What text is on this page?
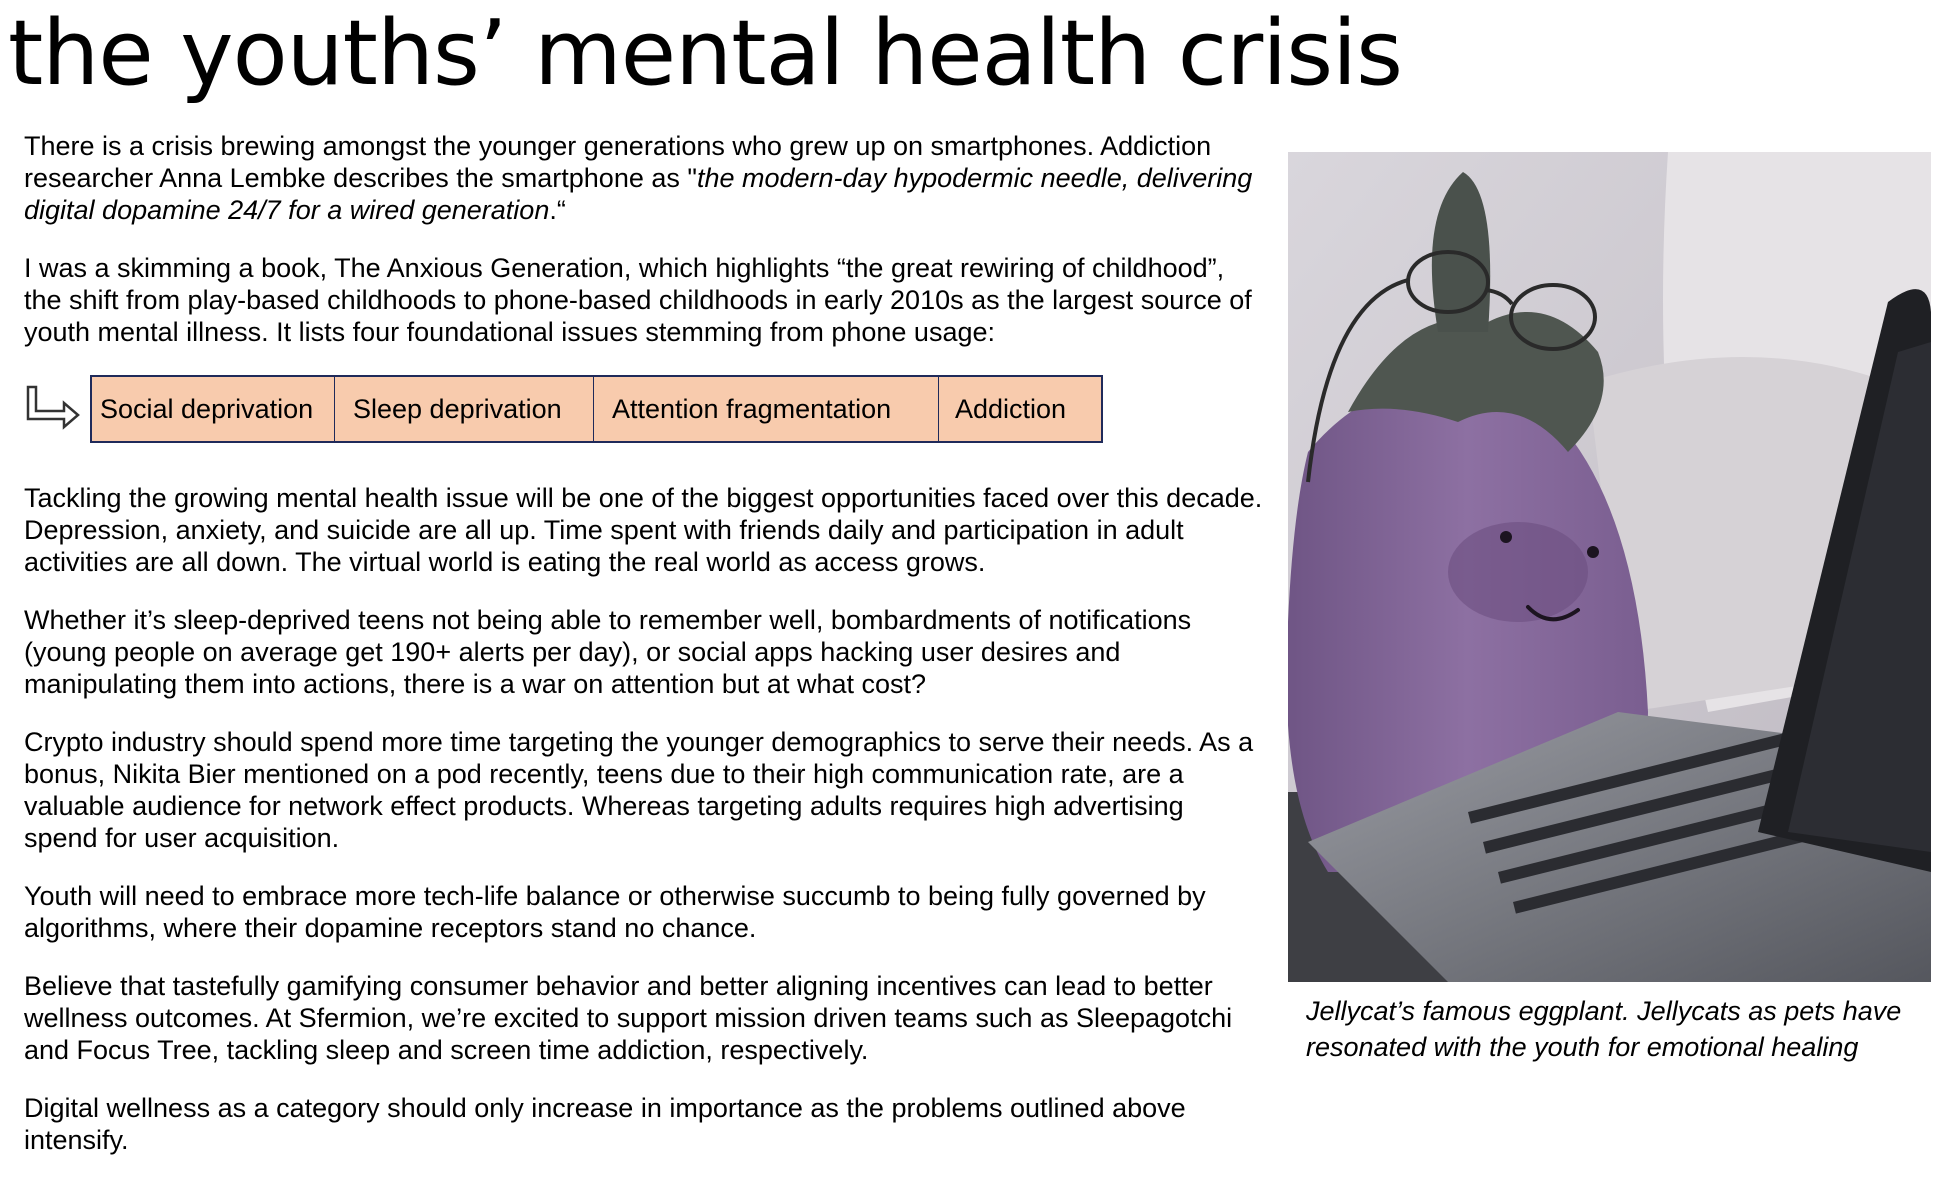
the youths’ mental health crisis

There is a crisis brewing amongst the younger generations who grew up on smartphones. Addiction researcher Anna Lembke describes the smartphone as "the modern-day hypodermic needle, delivering digital dopamine 24/7 for a wired generation.“

I was a skimming a book, The Anxious Generation, which highlights “the great rewiring of childhood”, the shift from play-based childhoods to phone-based childhoods in early 2010s as the largest source of youth mental illness. It lists four foundational issues stemming from phone usage:

Social deprivation	Sleep deprivation	Attention fragmentation	Addiction

Tackling the growing mental health issue will be one of the biggest opportunities faced over this decade. Depression, anxiety, and suicide are all up. Time spent with friends daily and participation in adult activities are all down. The virtual world is eating the real world as access grows.

Whether it’s sleep-deprived teens not being able to remember well, bombardments of notifications (young people on average get 190+ alerts per day), or social apps hacking user desires and manipulating them into actions, there is a war on attention but at what cost?

Crypto industry should spend more time targeting the younger demographics to serve their needs. As a bonus, Nikita Bier mentioned on a pod recently, teens due to their high communication rate, are a valuable audience for network effect products. Whereas targeting adults requires high advertising spend for user acquisition.

Youth will need to embrace more tech-life balance or otherwise succumb to being fully governed by algorithms, where their dopamine receptors stand no chance.

Believe that tastefully gamifying consumer behavior and better aligning incentives can lead to better wellness outcomes. At Sfermion, we’re excited to support mission driven teams such as Sleepagotchi and Focus Tree, tackling sleep and screen time addiction, respectively.

Digital wellness as a category should only increase in importance as the problems outlined above intensify.

Jellycat’s famous eggplant. Jellycats as pets have resonated with the youth for emotional healing
